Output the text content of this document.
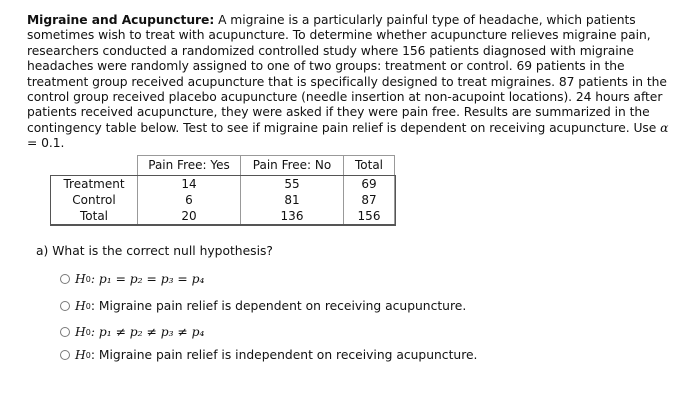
Migraine and Acupuncture: A migraine is a particularly painful type of headache, which patients sometimes wish to treat with acupuncture. To determine whether acupuncture relieves migraine pain, researchers conducted a randomized controlled study where 156 patients diagnosed with migraine headaches were randomly assigned to one of two groups: treatment or control. 69 patients in the treatment group received acupuncture that is specifically designed to treat migraines. 87 patients in the control group received placebo acupuncture (needle insertion at non-acupoint locations). 24 hours after patients received acupuncture, they were asked if they were pain free. Results are summarized in the contingency table below. Test to see if migraine pain relief is dependent on receiving acupuncture. Use α = 0.1.
	Pain Free: Yes	Pain Free: No	Total
Treatment	14	55	69
Control	6	81	87
Total	20	136	156
a) What is the correct null hypothesis?
H 0 : p₁ = p₂ = p₃ = p₄
H 0 : Migraine pain relief is dependent on receiving acupuncture.
H 0 : p₁ ≠ p₂ ≠ p₃ ≠ p₄
H 0 : Migraine pain relief is independent on receiving acupuncture.
